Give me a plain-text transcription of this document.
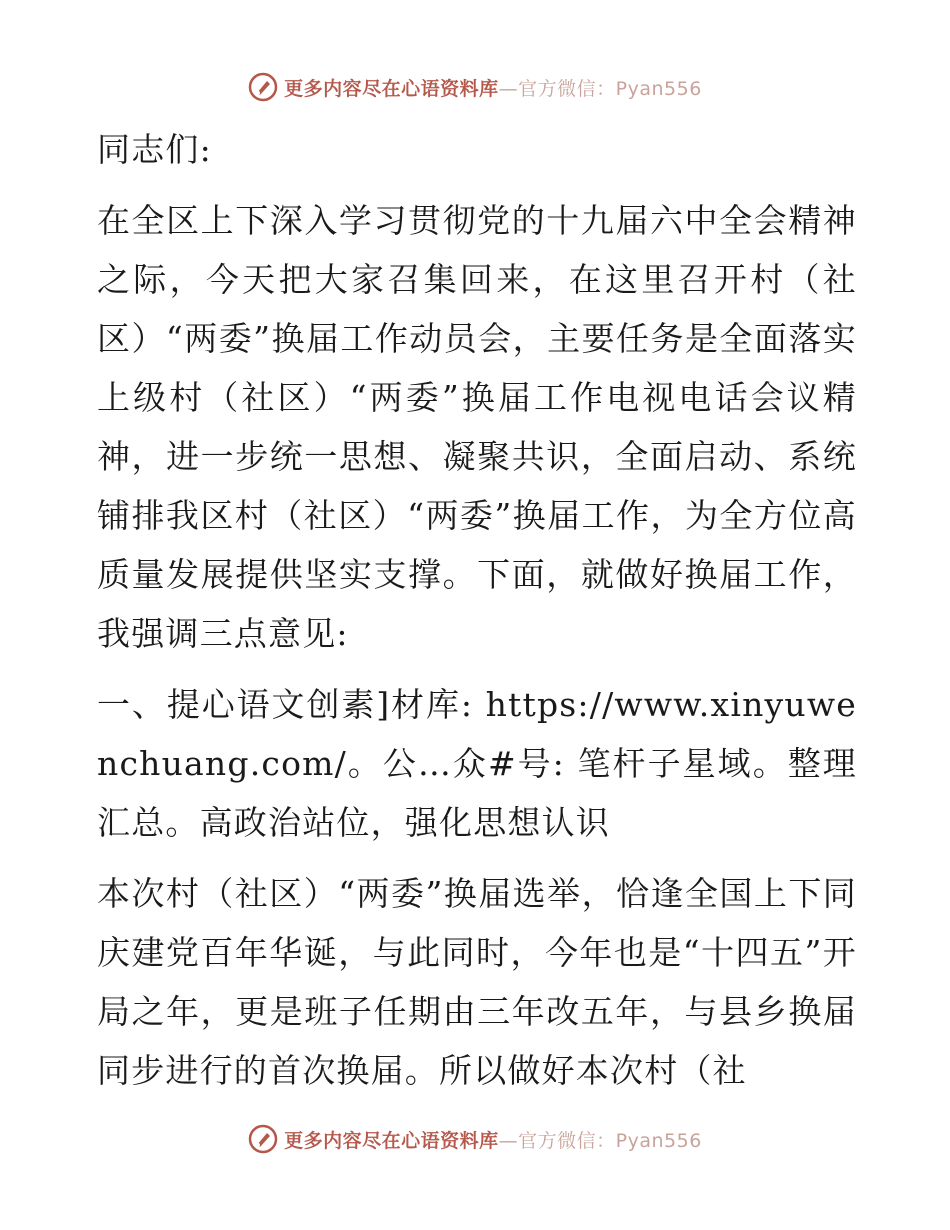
更多内容尽在心语资料库—官方微信：Pyan556

同志们:

在全区上下深入学习贯彻党的十九届六中全会精神之际，今天把大家召集回来，在这里召开村（社区）“两委”换届工作动员会，主要任务是全面落实上级村（社区）“两委”换届工作电视电话会议精神，进一步统一思想、凝聚共识，全面启动、系统铺排我区村（社区）“两委”换届工作，为全方位高质量发展提供坚实支撑。下面，就做好换届工作，我强调三点意见:

一、提心语文创素]材库: https://www.xinyuwenchuang.com/。公…众#号: 笔杆子星域。整理汇总。高政治站位，强化思想认识

本次村（社区）“两委”换届选举，恰逢全国上下同庆建党百年华诞，与此同时，今年也是“十四五”开局之年，更是班子任期由三年改五年，与县乡换届同步进行的首次换届。所以做好本次村（社

更多内容尽在心语资料库—官方微信：Pyan556
